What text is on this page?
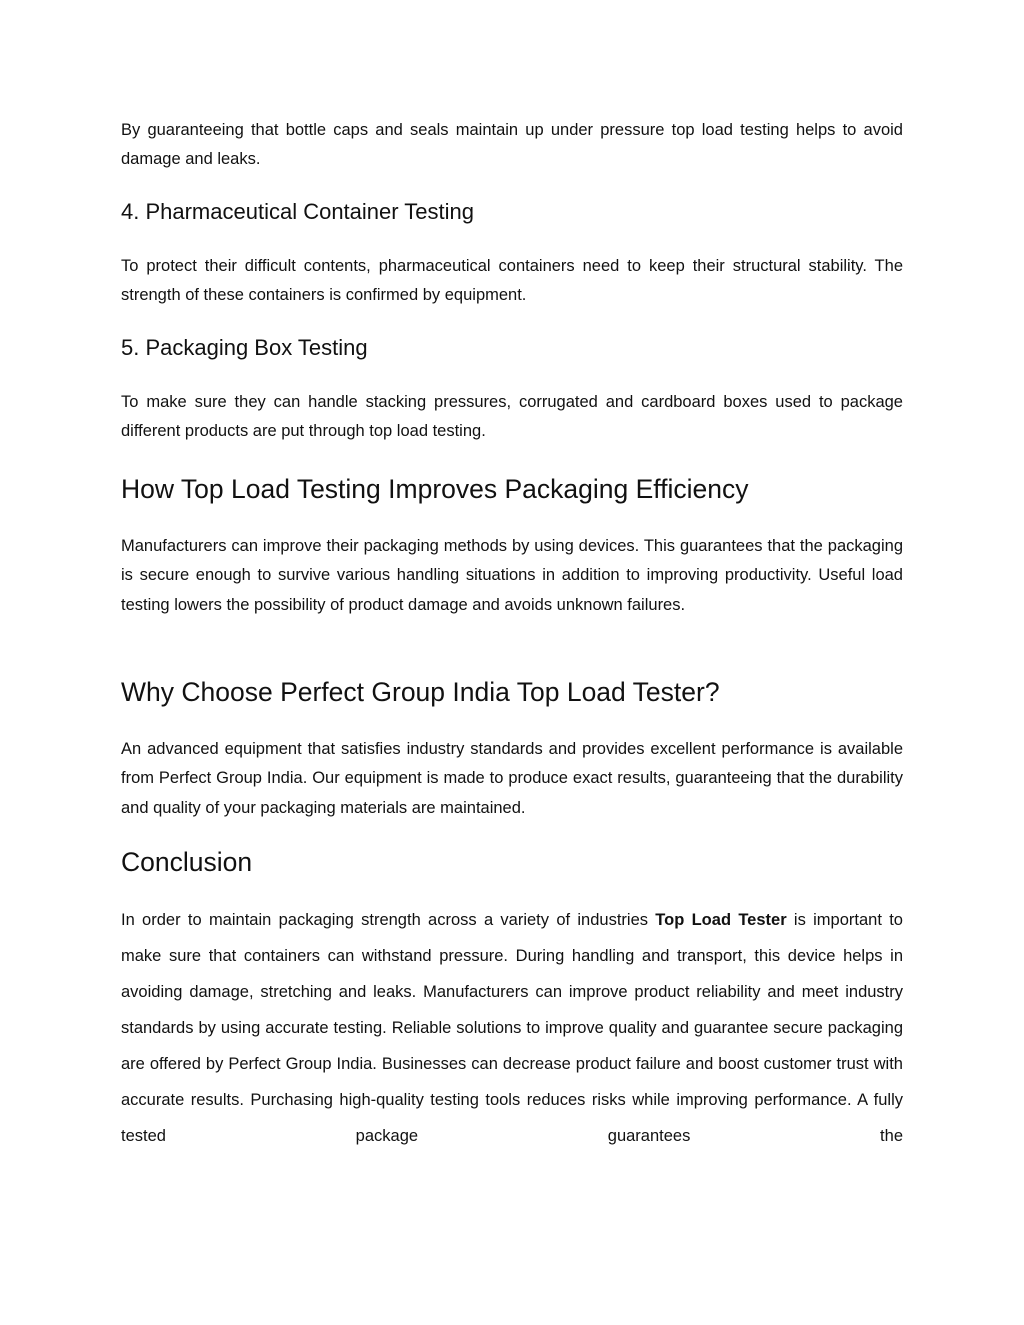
By guaranteeing that bottle caps and seals maintain up under pressure top load testing helps to avoid damage and leaks.

4. Pharmaceutical Container Testing

To protect their difficult contents, pharmaceutical containers need to keep their structural stability. The strength of these containers is confirmed by equipment.

5. Packaging Box Testing

To make sure they can handle stacking pressures, corrugated and cardboard boxes used to package different products are put through top load testing.

How Top Load Testing Improves Packaging Efficiency

Manufacturers can improve their packaging methods by using devices. This guarantees that the packaging is secure enough to survive various handling situations in addition to improving productivity. Useful load testing lowers the possibility of product damage and avoids unknown failures.

Why Choose Perfect Group India Top Load Tester?

An advanced equipment that satisfies industry standards and provides excellent performance is available from Perfect Group India. Our equipment is made to produce exact results, guaranteeing that the durability and quality of your packaging materials are maintained.

Conclusion

In order to maintain packaging strength across a variety of industries Top Load Tester is important to make sure that containers can withstand pressure. During handling and transport, this device helps in avoiding damage, stretching and leaks. Manufacturers can improve product reliability and meet industry standards by using accurate testing. Reliable solutions to improve quality and guarantee secure packaging are offered by Perfect Group India. Businesses can decrease product failure and boost customer trust with accurate results. Purchasing high-quality testing tools reduces risks while improving performance. A fully tested package guarantees the
